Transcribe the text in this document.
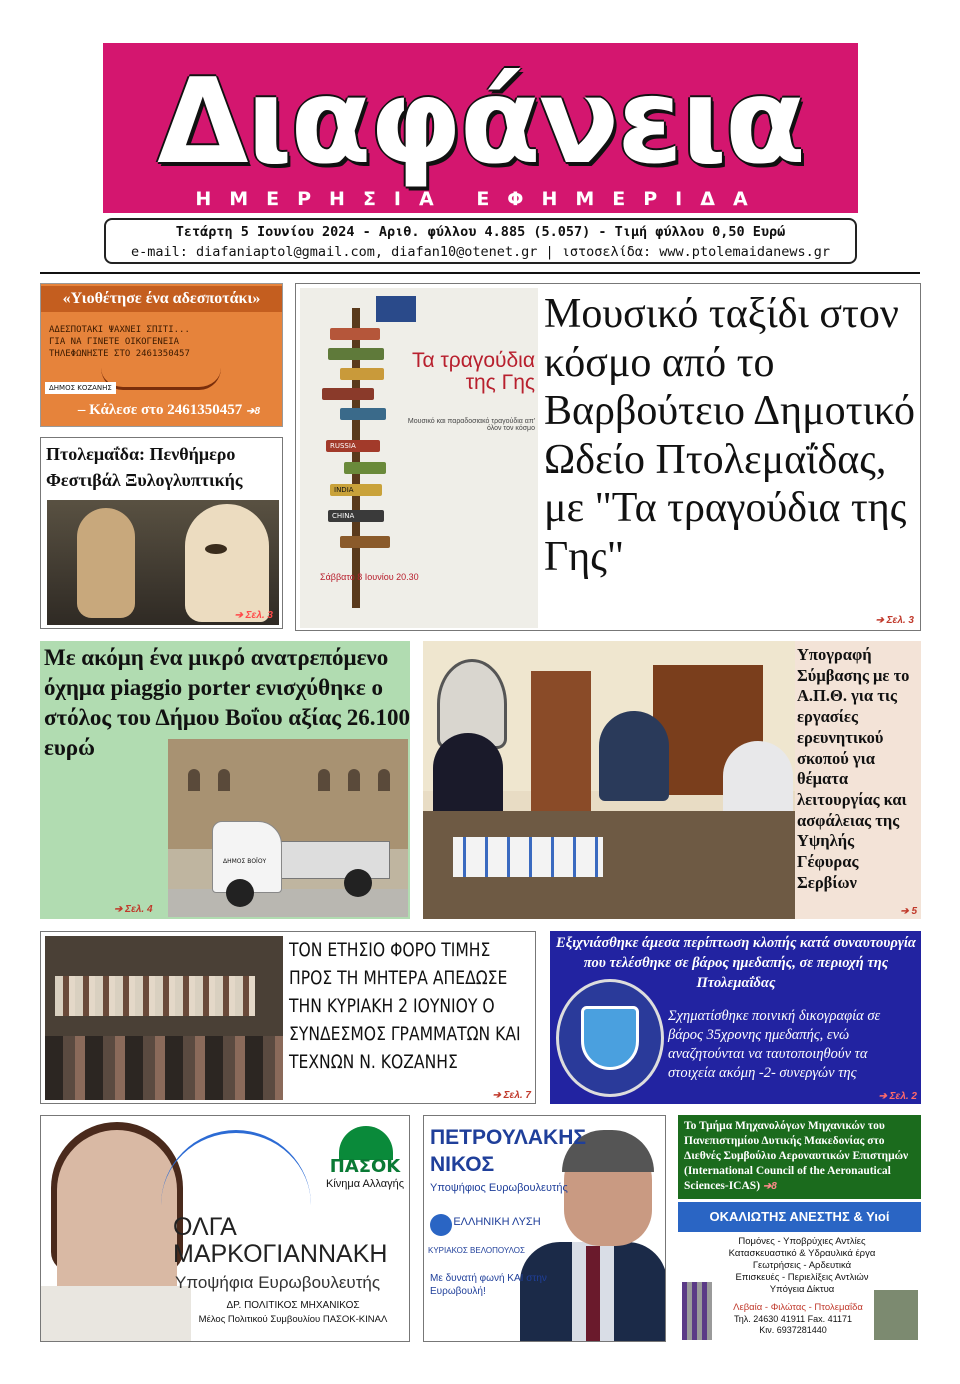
Διαφάνεια
ΗΜΕΡΗΣΙΑ ΕΦΗΜΕΡΙΔΑ
Τετάρτη 5 Ιουνίου 2024 - Αριθ. φύλλου 4.885 (5.057) - Τιμή φύλλου 0,50 Ευρώ
e-mail: diafaniaptol@gmail.com, diafan10@otenet.gr | ιστοσελίδα: www.ptolemaidanews.gr
«Υιοθέτησε ένα αδεσποτάκι»
ΑΔΕΣΠΟΤΑΚΙ ΨΑΧΝΕΙ ΣΠΙΤΙ...
ΓΙΑ ΝΑ ΓΙΝΕΤΕ ΟΙΚΟΓΕΝΕΙΑ
ΤΗΛΕΦΩΝΗΣΤΕ ΣΤΟ 2461350457
ΔΗΜΟΣ ΚΟΖΑΝΗΣ
– Κάλεσε στο 2461350457 ➔8
Πτολεμαΐδα: Πενθήμερο Φεστιβάλ Ξυλογλυπτικής
➔ Σελ. 3
RUSSIA
INDIA
CHINA
Τα τραγούδια της Γης
Μουσικό και παραδοσιακό τραγούδια απ' όλον τον κόσμο
Σάββατο 8 Ιουνίου 20.30
Μουσικό ταξίδι στον κόσμο από το Βαρβούτειο Δημοτικό Ωδείο Πτολεμαΐδας, με "Τα τραγούδια της Γης"
➔ Σελ. 3
Με ακόμη ένα μικρό ανατρεπόμενο όχημα piaggio porter ενισχύθηκε ο στόλος του Δήμου Βοΐου αξίας 26.100 ευρώ
ΔΗΜΟΣ ΒΟΪΟΥ
➔ Σελ. 4
Υπογραφή Σύμβασης με το Α.Π.Θ. για τις εργασίες ερευνητικού σκοπού για θέματα λειτουργίας και ασφάλειας της Υψηλής Γέφυρας Σερβίων
➔ 5
ΤΟΝ ΕΤΗΣΙΟ ΦΟΡΟ ΤΙΜΗΣ ΠΡΟΣ ΤΗ ΜΗΤΕΡΑ ΑΠΕΔΩΣΕ ΤΗΝ ΚΥΡΙΑΚΗ 2 ΙΟΥΝΙΟΥ Ο ΣΥΝΔΕΣΜΟΣ ΓΡΑΜΜΑΤΩΝ ΚΑΙ ΤΕΧΝΩΝ Ν. ΚΟΖΑΝΗΣ
➔ Σελ. 7
Εξιχνιάσθηκε άμεσα περίπτωση κλοπής κατά συναυτουργία που τελέσθηκε σε βάρος ημεδαπής, σε περιοχή της Πτολεμαΐδας
Σχηματίσθηκε ποινική δικογραφία σε βάρος 35χρονης ημεδαπής, ενώ αναζητούνται να ταυτοποιηθούν τα στοιχεία ακόμη -2- συνεργών της
➔ Σελ. 2
ΠΑΣΟΚ
Κίνημα Αλλαγής
ΟΛΓΑ ΜΑΡΚΟΓΙΑΝΝΑΚΗ
Υποψήφια Ευρωβουλευτής
ΔΡ. ΠΟΛΙΤΙΚΟΣ ΜΗΧΑΝΙΚΟΣ
Μέλος Πολιτικού Συμβουλίου ΠΑΣΟΚ-ΚΙΝΑΛ
ΠΕΤΡΟΥΛΑΚΗΣ ΝΙΚΟΣ
Υποψήφιος Ευρωβουλευτής
ΕΛΛΗΝΙΚΗ ΛΥΣΗ
ΚΥΡΙΑΚΟΣ ΒΕΛΟΠΟΥΛΟΣ
Με δυνατή φωνή ΚΑΙ στην Ευρωβουλή!
Το Τμήμα Μηχανολόγων Μηχανικών του Πανεπιστημίου Δυτικής Μακεδονίας στο Διεθνές Συμβούλιο Αεροναυτικών Επιστημών (International Council of the Aeronautical Sciences-ICAS) ➔8
ΟΚΑΛΙΩΤΗΣ ΑΝΕΣΤΗΣ & Υιοί
Πομόνες - Υποβρύχιες Αντλίες
Κατασκευαστικό & Υδραυλικά έργα
Γεωτρήσεις - Αρδευτικά
Επισκευές - Περιελίξεις Αντλιών
Υπόγεια Δίκτυα
Λεβαία - Φιλώτας - Πτολεμαΐδα
Τηλ. 24630 41911 Fax. 41171
Κιν. 6937281440
